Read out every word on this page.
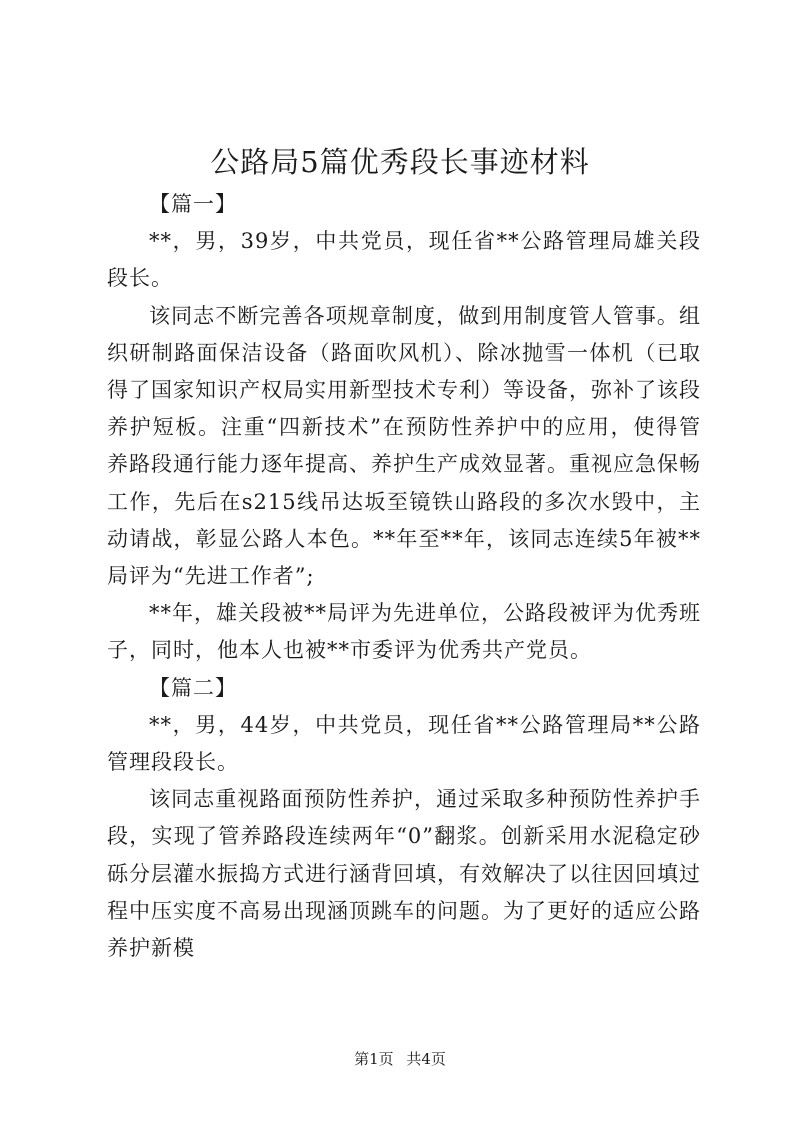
公路局5篇优秀段长事迹材料

【篇一】

**，男，39岁，中共党员，现任省**公路管理局雄关段段长。

该同志不断完善各项规章制度，做到用制度管人管事。组织研制路面保洁设备（路面吹风机）、除冰抛雪一体机（已取得了国家知识产权局实用新型技术专利）等设备，弥补了该段养护短板。注重“四新技术”在预防性养护中的应用，使得管养路段通行能力逐年提高、养护生产成效显著。重视应急保畅工作，先后在s215线吊达坂至镜铁山路段的多次水毁中，主动请战，彰显公路人本色。**年至**年，该同志连续5年被**局评为“先进工作者”;

**年，雄关段被**局评为先进单位，公路段被评为优秀班子，同时，他本人也被**市委评为优秀共产党员。

【篇二】

**，男，44岁，中共党员，现任省**公路管理局**公路管理段段长。

该同志重视路面预防性养护，通过采取多种预防性养护手段，实现了管养路段连续两年“0”翻浆。创新采用水泥稳定砂砾分层灌水振捣方式进行涵背回填，有效解决了以往因回填过程中压实度不高易出现涵顶跳车的问题。为了更好的适应公路养护新模

第1页 共4页
